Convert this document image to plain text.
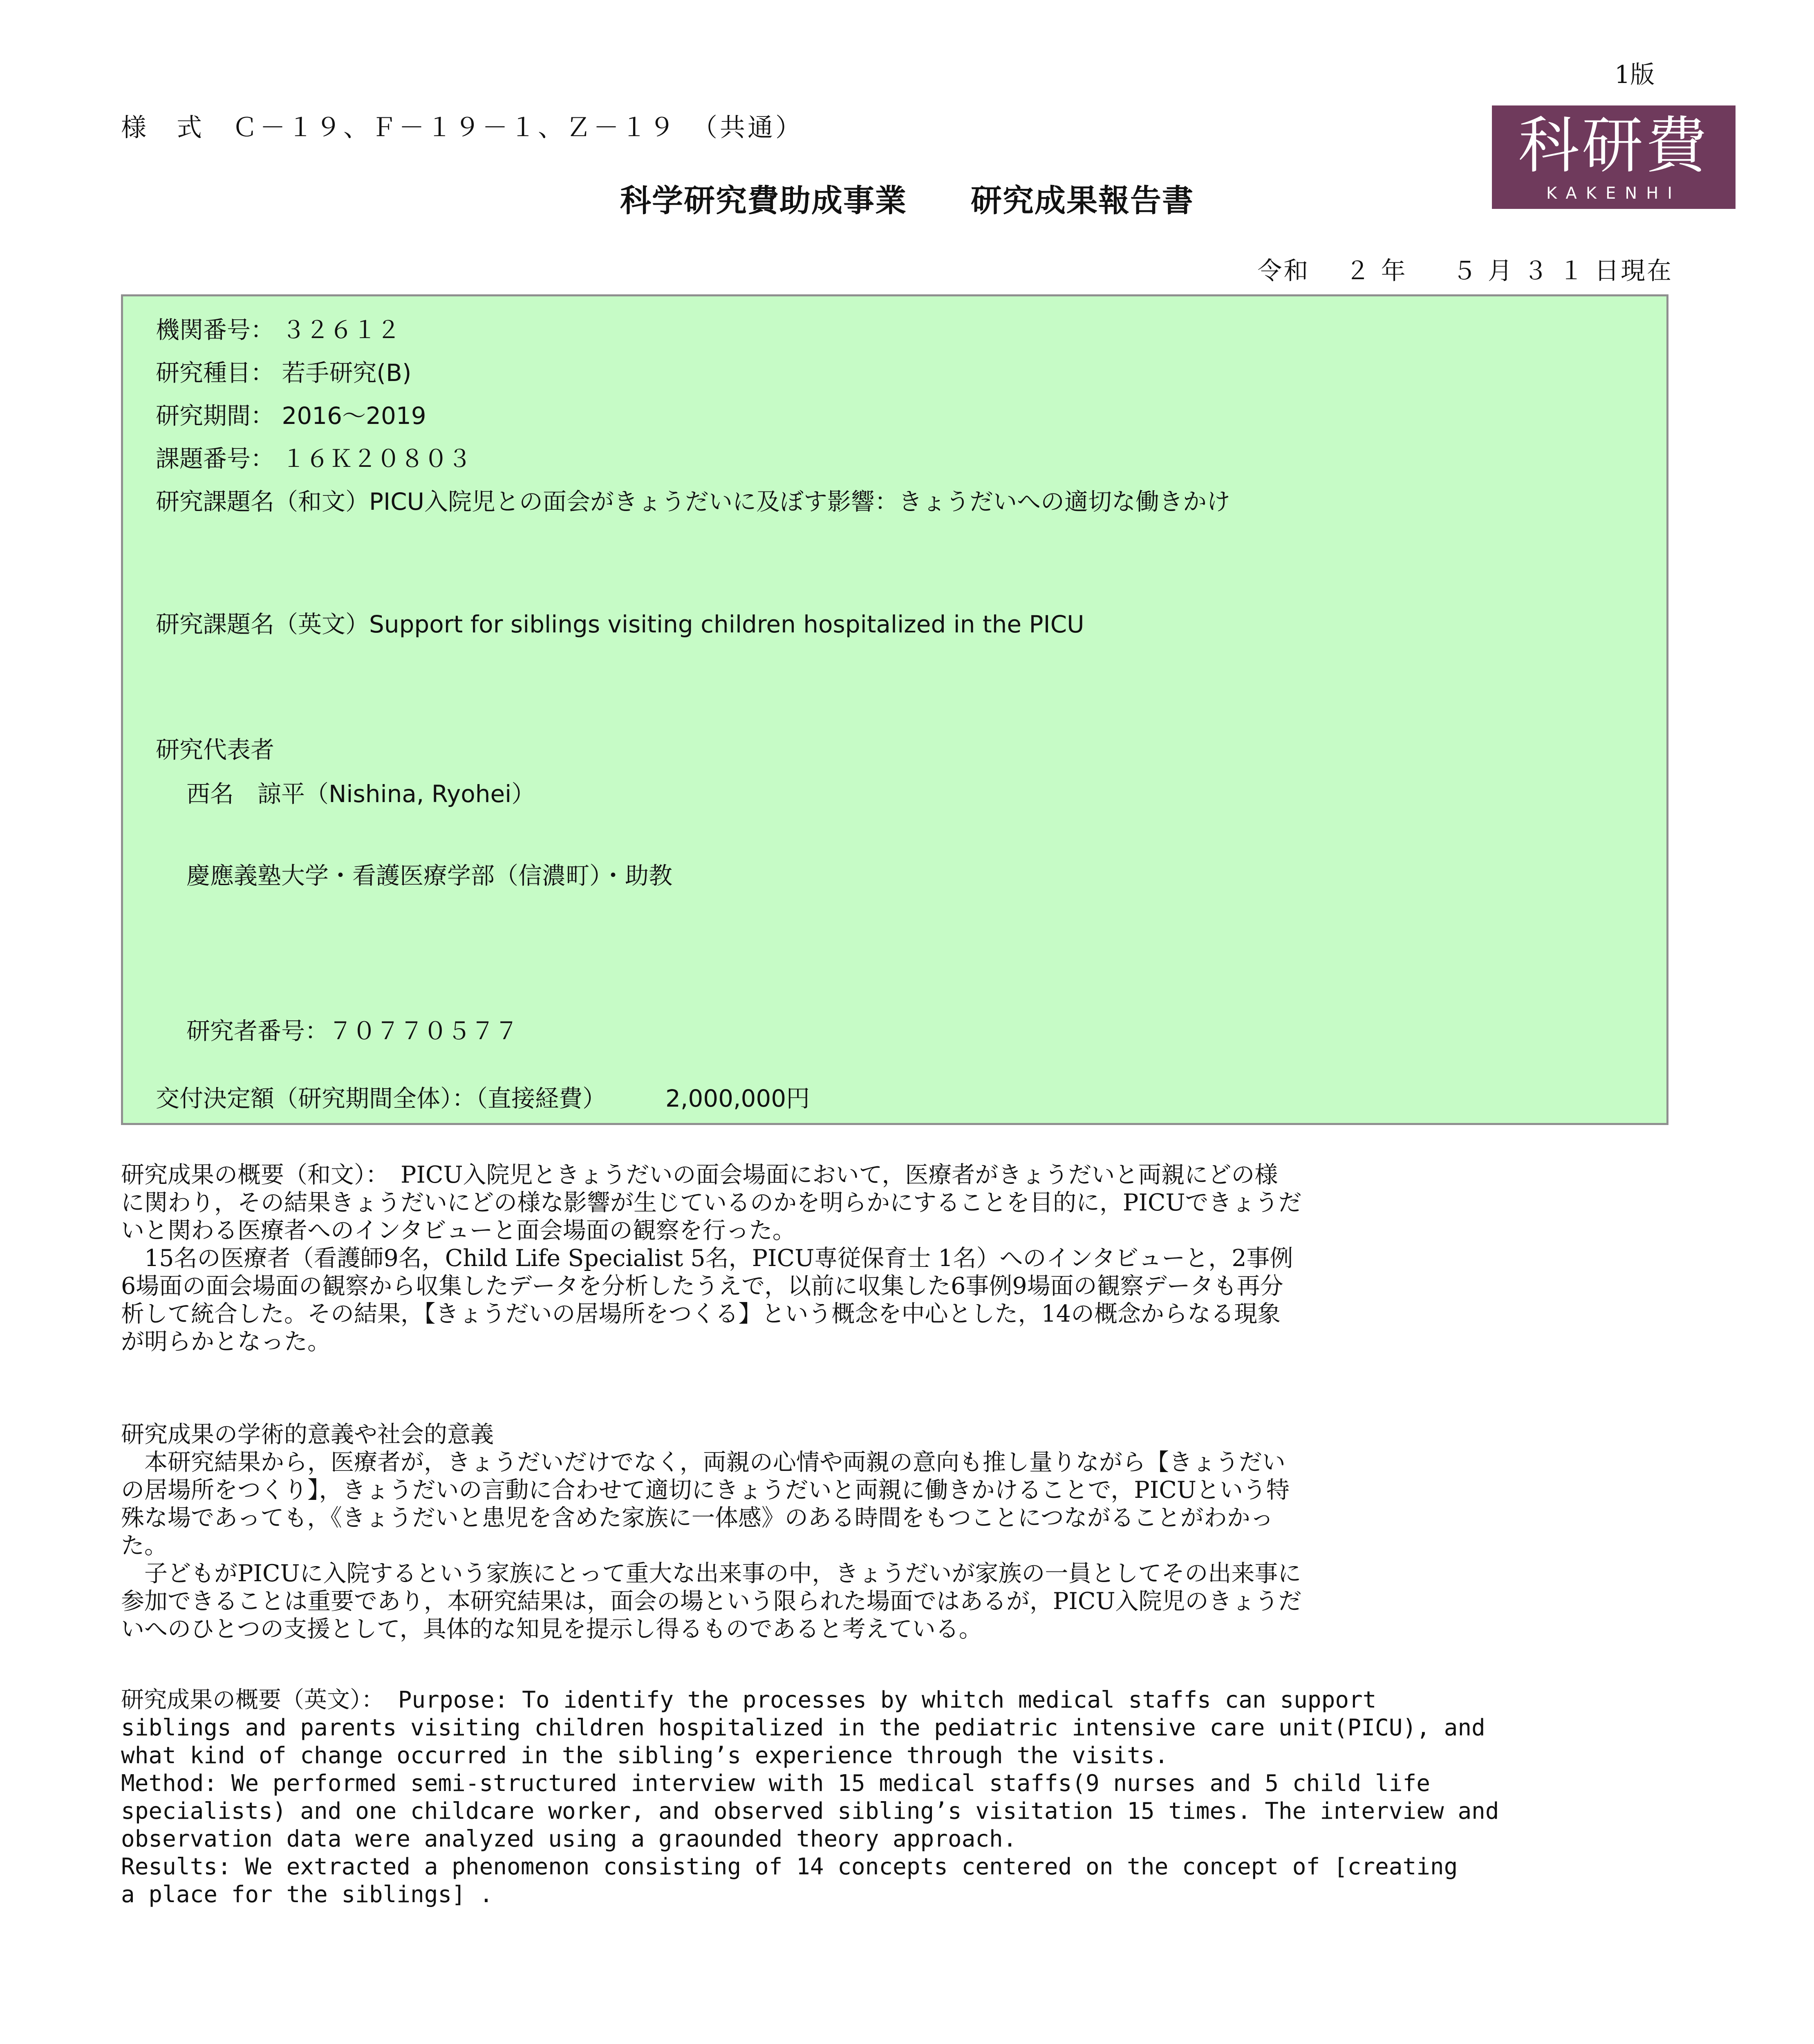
1版
様　式　Ｃ－１９、Ｆ－１９－１、Ｚ－１９　（共通）	科研費
KAKENHI
科学研究費助成事業　　研究成果報告書
令和　 ２ 年 　 ５ 月 ３ １ 日現在
機関番号： ３２６１２
研究種目： 若手研究(B)
研究期間： 2016～2019
課題番号： １６Ｋ２０８０３
研究課題名（和文）PICU入院児との面会がきょうだいに及ぼす影響：きょうだいへの適切な働きかけ
研究課題名（英文）Support for siblings visiting children hospitalized in the PICU
研究代表者
西名　諒平（Nishina, Ryohei）
慶應義塾大学・看護医療学部（信濃町）・助教
研究者番号：７０７７０５７７
交付決定額（研究期間全体）：（直接経費）　　　2,000,000円
研究成果の概要（和文）：　PICU入院児ときょうだいの面会場面において，医療者がきょうだいと両親にどの様
に関わり，その結果きょうだいにどの様な影響が生じているのかを明らかにすることを目的に，PICUできょうだ
いと関わる医療者へのインタビューと面会場面の観察を行った。
　15名の医療者（看護師9名，Child Life Specialist 5名，PICU専従保育士 1名）へのインタビューと，2事例
6場面の面会場面の観察から収集したデータを分析したうえで，以前に収集した6事例9場面の観察データも再分
析して統合した。その結果，【きょうだいの居場所をつくる】という概念を中心とした，14の概念からなる現象
が明らかとなった。
研究成果の学術的意義や社会的意義
　本研究結果から，医療者が，きょうだいだけでなく，両親の心情や両親の意向も推し量りながら【きょうだい
の居場所をつくり】，きょうだいの言動に合わせて適切にきょうだいと両親に働きかけることで，PICUという特
殊な場であっても，《きょうだいと患児を含めた家族に一体感》のある時間をもつことにつながることがわかっ
た。
　子どもがPICUに入院するという家族にとって重大な出来事の中，きょうだいが家族の一員としてその出来事に
参加できることは重要であり，本研究結果は，面会の場という限られた場面ではあるが，PICU入院児のきょうだ
いへのひとつの支援として，具体的な知見を提示し得るものであると考えている。
研究成果の概要（英文）： Purpose: To identify the processes by whitch medical staffs can support
siblings and parents visiting children hospitalized in the pediatric intensive care unit(PICU), and
what kind of change occurred in the sibling’s experience through the visits.
Method: We performed semi-structured interview with 15 medical staffs(9 nurses and 5 child life
specialists) and one childcare worker, and observed sibling’s visitation 15 times. The interview and
observation data were analyzed using a graounded theory approach.
Results: We extracted a phenomenon consisting of 14 concepts centered on the concept of [creating
a place for the siblings] .
